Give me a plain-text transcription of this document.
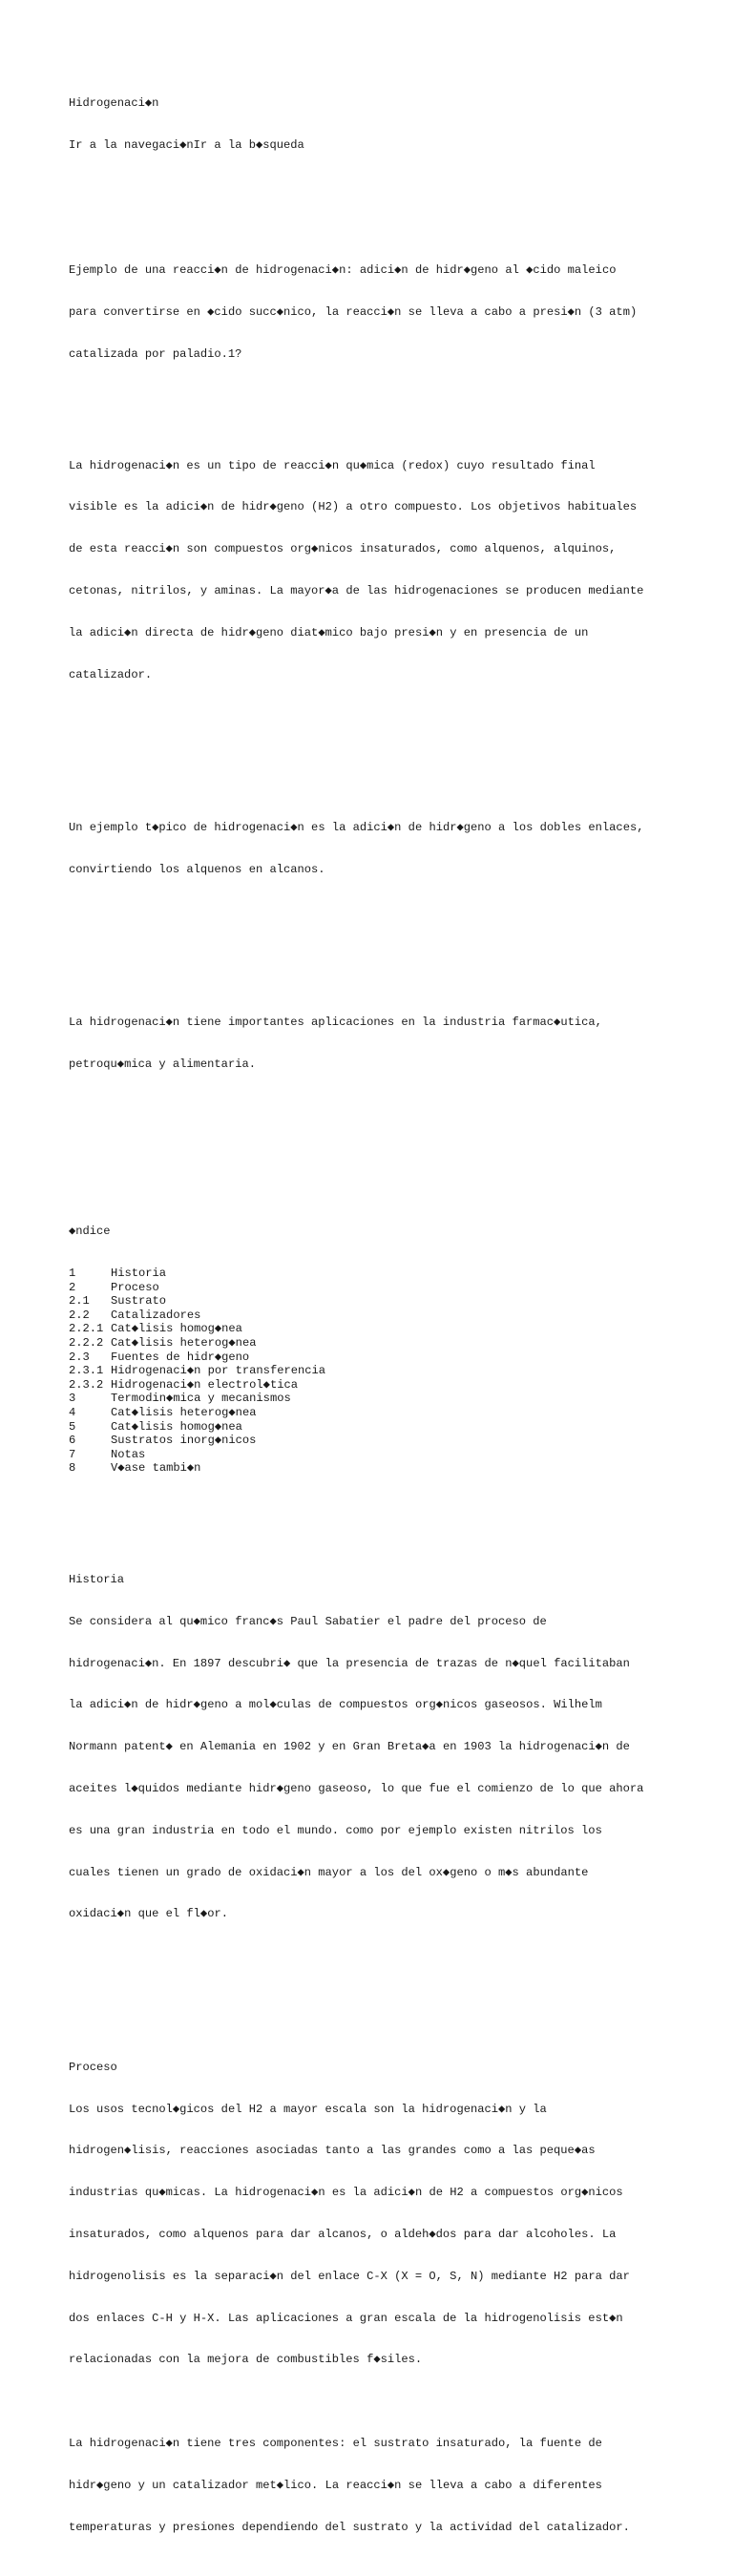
Hidrogenaci◆n

Ir a la navegaci◆nIr a la b◆squeda

Ejemplo de una reacci◆n de hidrogenaci◆n: adici◆n de hidr◆geno al ◆cido maleico

para convertirse en ◆cido succ◆nico, la reacci◆n se lleva a cabo a presi◆n (3 atm)

catalizada por paladio.1?

La hidrogenaci◆n es un tipo de reacci◆n qu◆mica (redox) cuyo resultado final

visible es la adici◆n de hidr◆geno (H2) a otro compuesto. Los objetivos habituales

de esta reacci◆n son compuestos org◆nicos insaturados, como alquenos, alquinos,

cetonas, nitrilos, y aminas. La mayor◆a de las hidrogenaciones se producen mediante

la adici◆n directa de hidr◆geno diat◆mico bajo presi◆n y en presencia de un

catalizador.

Un ejemplo t◆pico de hidrogenaci◆n es la adici◆n de hidr◆geno a los dobles enlaces,

convirtiendo los alquenos en alcanos.

La hidrogenaci◆n tiene importantes aplicaciones en la industria farmac◆utica,

petroqu◆mica y alimentaria.

◆ndice

1	Historia
2	Proceso
2.1 Sustrato
2.2 Catalizadores
2.2.1 Cat◆lisis homog◆nea
2.2.2 Cat◆lisis heterog◆nea
2.3 Fuentes de hidr◆geno
2.3.1 Hidrogenaci◆n por transferencia
2.3.2 Hidrogenaci◆n electrol◆tica
3	Termodin◆mica y mecanismos
4	Cat◆lisis heterog◆nea
5	Cat◆lisis homog◆nea
6	Sustratos inorg◆nicos
7	Notas
8	V◆ase tambi◆n

Historia

Se considera al qu◆mico franc◆s Paul Sabatier el padre del proceso de

hidrogenaci◆n. En 1897 descubri◆ que la presencia de trazas de n◆quel facilitaban

la adici◆n de hidr◆geno a mol◆culas de compuestos org◆nicos gaseosos. Wilhelm

Normann patent◆ en Alemania en 1902 y en Gran Breta◆a en 1903 la hidrogenaci◆n de

aceites l◆quidos mediante hidr◆geno gaseoso, lo que fue el comienzo de lo que ahora

es una gran industria en todo el mundo. como por ejemplo existen nitrilos los

cuales tienen un grado de oxidaci◆n mayor a los del ox◆geno o m◆s abundante

oxidaci◆n que el fl◆or.

Proceso

Los usos tecnol◆gicos del H2 a mayor escala son la hidrogenaci◆n y la

hidrogen◆lisis, reacciones asociadas tanto a las grandes como a las peque◆as

industrias qu◆micas. La hidrogenaci◆n es la adici◆n de H2 a compuestos org◆nicos

insaturados, como alquenos para dar alcanos, o aldeh◆dos para dar alcoholes. La

hidrogenolisis es la separaci◆n del enlace C-X (X = O, S, N) mediante H2 para dar

dos enlaces C-H y H-X. Las aplicaciones a gran escala de la hidrogenolisis est◆n

relacionadas con la mejora de combustibles f◆siles.

La hidrogenaci◆n tiene tres componentes: el sustrato insaturado, la fuente de

hidr◆geno y un catalizador met◆lico. La reacci◆n se lleva a cabo a diferentes

temperaturas y presiones dependiendo del sustrato y la actividad del catalizador.
